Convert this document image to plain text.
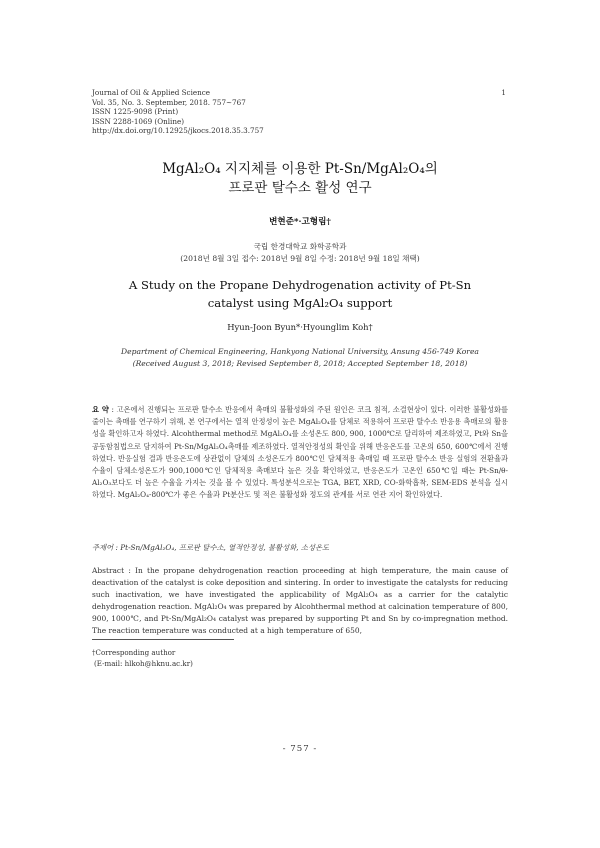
Journal of Oil & Applied Science
Vol. 35, No. 3. September, 2018. 757~767
ISSN 1225-9098 (Print)
ISSN 2288-1069 (Online)
http://dx.doi.org/10.12925/jkocs.2018.35.3.757
1
MgAl₂O₄ 지지체를 이용한 Pt-Sn/MgAl₂O₄의
프로판 탈수소 활성 연구
변현준*·고형림†
국립 한경대학교 화학공학과
(2018년 8월 3일 접수: 2018년 9월 8일 수정: 2018년 9월 18일 채택)
A Study on the Propane Dehydrogenation activity of Pt-Sn
catalyst using MgAl₂O₄ support
Hyun-Joon Byun*·Hyounglim Koh†
Department of Chemical Engineering, Hankyong National University, Ansung 456-749 Korea
(Received August 3, 2018; Revised September 8, 2018; Accepted September 18, 2018)
요 약 : 고온에서 진행되는 프로판 탈수소 반응에서 촉매의 불활성화의 주된 원인은 코크 침적, 소결현상이 있다. 이러한 불활성화를 줄이는 촉매를 연구하기 위해, 본 연구에서는 열적 안정성이 높은 MgAl₂O₄를 담체로 적용하여 프로판 탈수소 반응용 촉매로의 활용성을 확인하고자 하였다. Alcohthermal method로 MgAl₂O₄를 소성온도 800, 900, 1000℃로 달리하여 제조하였고, Pt와 Sn을 공동함침법으로 담지하여 Pt-Sn/MgAl₂O₄촉매를 제조하였다. 열적안정성의 확인을 위해 반응온도를 고온의 650, 600℃에서 진행하였다. 반응실험 결과 반응온도에 상관없이 담체의 소성온도가 800℃인 담체적용 촉매일 때 프로판 탈수소 반응 실험의 전환율과 수율이 담체소성온도가 900,1000℃인 담체적용 촉매보다 높은 것을 확인하였고, 반응온도가 고온인 650℃일 때는 Pt-Sn/θ-Al₂O₃보다도 더 높은 수율을 가지는 것을 볼 수 있었다. 특성분석으로는 TGA, BET, XRD, CO-화학흡착, SEM-EDS 분석을 실시하였다. MgAl₂O₄-800℃가 좋은 수율과 Pt분산도 및 적은 불활성화 정도의 관계를 서로 연관 지어 확인하였다.
주제어 : Pt-Sn/MgAl₂O₄, 프로판 탈수소, 열적안정성, 불활성화, 소성온도
Abstract : In the propane dehydrogenation reaction proceeding at high temperature, the main cause of deactivation of the catalyst is coke deposition and sintering. In order to investigate the catalysts for reducing such inactivation, we have investigated the applicability of MgAl₂O₄ as a carrier for the catalytic dehydrogenation reaction. MgAl₂O₄ was prepared by Alcohthermal method at calcination temperature of 800, 900, 1000℃, and Pt-Sn/MgAl₂O₄ catalyst was prepared by supporting Pt and Sn by co-impregnation method. The reaction temperature was conducted at a high temperature of 650,
†Corresponding author
(E-mail: hlkoh@hknu.ac.kr)
- 757 -
